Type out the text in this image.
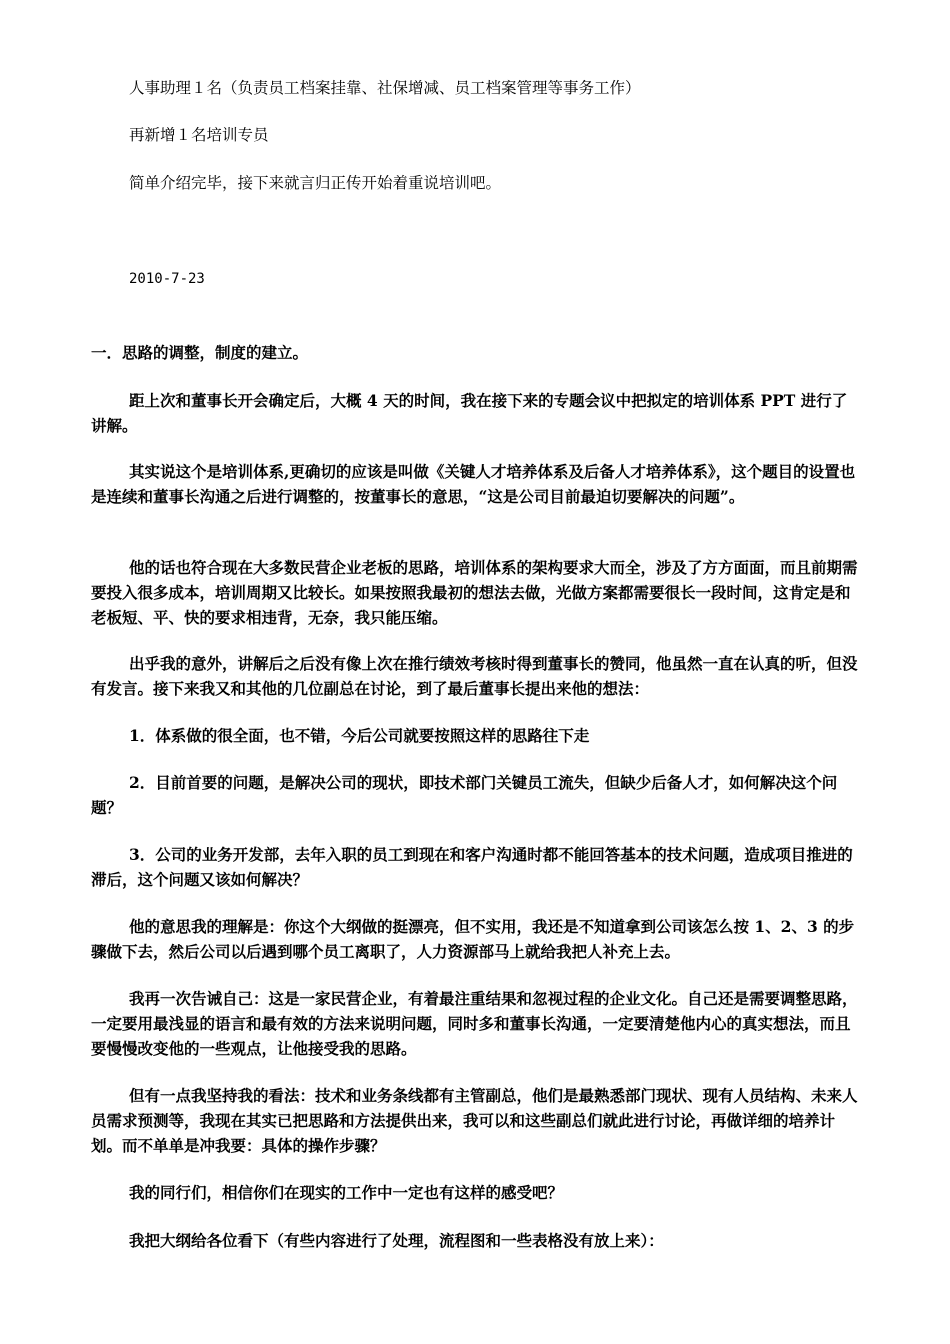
人事助理１名（负责员工档案挂靠、社保增减、员工档案管理等事务工作）

再新增１名培训专员

简单介绍完毕，接下来就言归正传开始着重说培训吧。

2010-7-23

一．思路的调整，制度的建立。

距上次和董事长开会确定后，大概 4 天的时间，我在接下来的专题会议中把拟定的培训体系 PPT 进行了讲解。

其实说这个是培训体系,更确切的应该是叫做《关键人才培养体系及后备人才培养体系》，这个题目的设置也是连续和董事长沟通之后进行调整的，按董事长的意思，“这是公司目前最迫切要解决的问题”。

他的话也符合现在大多数民营企业老板的思路，培训体系的架构要求大而全，涉及了方方面面，而且前期需要投入很多成本，培训周期又比较长。如果按照我最初的想法去做，光做方案都需要很长一段时间，这肯定是和老板短、平、快的要求相违背，无奈，我只能压缩。

出乎我的意外，讲解后之后没有像上次在推行绩效考核时得到董事长的赞同，他虽然一直在认真的听，但没有发言。接下来我又和其他的几位副总在讨论，到了最后董事长提出来他的想法：

1．体系做的很全面，也不错，今后公司就要按照这样的思路往下走

2．目前首要的问题，是解决公司的现状，即技术部门关键员工流失，但缺少后备人才，如何解决这个问题？

3．公司的业务开发部，去年入职的员工到现在和客户沟通时都不能回答基本的技术问题，造成项目推进的滞后，这个问题又该如何解决？

他的意思我的理解是：你这个大纲做的挺漂亮，但不实用，我还是不知道拿到公司该怎么按 1、2、3 的步骤做下去，然后公司以后遇到哪个员工离职了，人力资源部马上就给我把人补充上去。

我再一次告诫自己：这是一家民营企业，有着最注重结果和忽视过程的企业文化。自己还是需要调整思路，一定要用最浅显的语言和最有效的方法来说明问题，同时多和董事长沟通，一定要清楚他内心的真实想法，而且要慢慢改变他的一些观点，让他接受我的思路。

但有一点我坚持我的看法：技术和业务条线都有主管副总，他们是最熟悉部门现状、现有人员结构、未来人员需求预测等，我现在其实已把思路和方法提供出来，我可以和这些副总们就此进行讨论，再做详细的培养计划。而不单单是冲我要：具体的操作步骤？

我的同行们，相信你们在现实的工作中一定也有这样的感受吧？

我把大纲给各位看下（有些内容进行了处理，流程图和一些表格没有放上来）：
